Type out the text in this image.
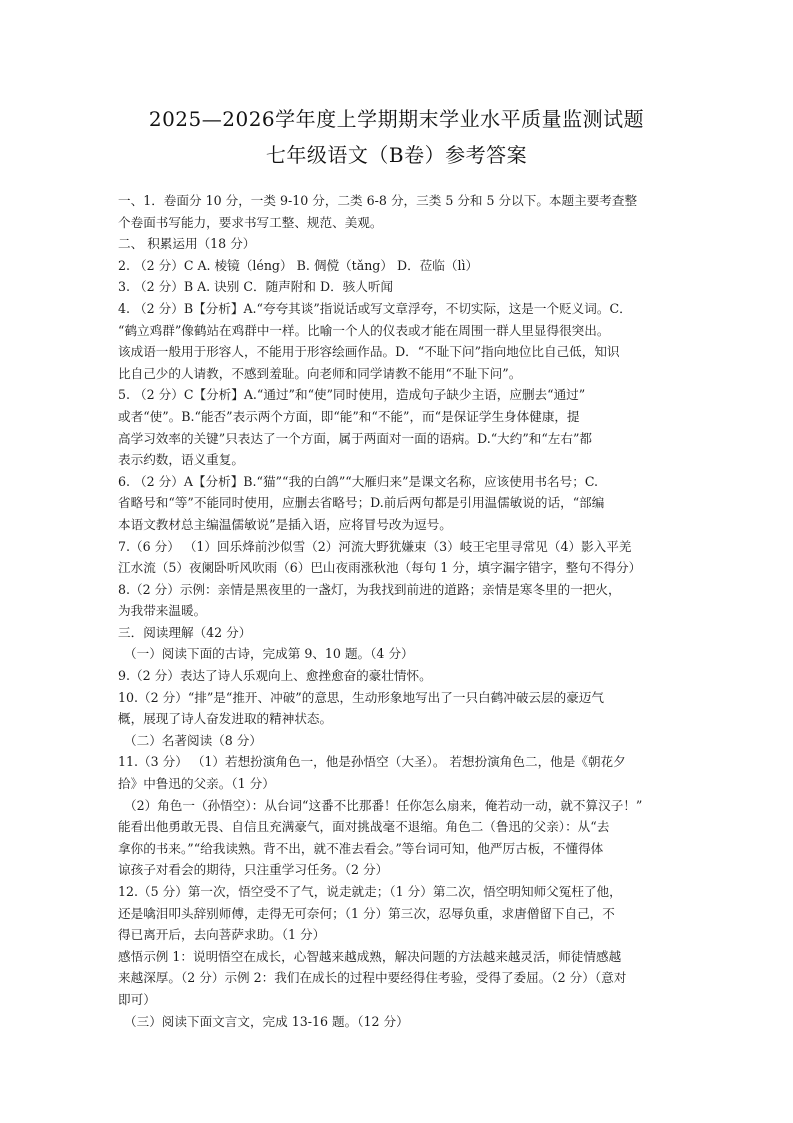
2025—2026学年度上学期期末学业水平质量监测试题
七年级语文（B卷）参考答案
一、1．卷面分 10 分，一类 9-10 分，二类 6-8 分，三类 5 分和 5 分以下。本题主要考查整
个卷面书写能力，要求书写工整、规范、美观。
二、 积累运用（18 分）
2. （2 分）C A. 棱镜（léng） B. 倜傥（tǎng） D．莅临（lì）
3. （2 分）B A. 诀别 C．随声附和 D．骇人听闻
4. （2 分）B【分析】A.“夸夸其谈”指说话或写文章浮夸，不切实际，这是一个贬义词。C．
“鹤立鸡群”像鹤站在鸡群中一样。比喻一个人的仪表或才能在周围一群人里显得很突出。
该成语一般用于形容人，不能用于形容绘画作品。D．“不耻下问”指向地位比自己低，知识
比自己少的人请教，不感到羞耻。向老师和同学请教不能用“不耻下问”。
5. （2 分）C【分析】A.“通过”和“使”同时使用，造成句子缺少主语，应删去“通过”
或者“使”。B.“能否”表示两个方面，即“能”和“不能”，而“是保证学生身体健康，提
高学习效率的关键”只表达了一个方面，属于两面对一面的语病。D.“大约”和“左右”都
表示约数，语义重复。
6. （2 分）A【分析】B.“猫”“我的白鸽”“大雁归来”是课文名称，应该使用书名号；C.
省略号和“等”不能同时使用，应删去省略号；D.前后两句都是引用温儒敏说的话，“部编
本语文教材总主编温儒敏说”是插入语，应将冒号改为逗号。
7.（6 分） （1）回乐烽前沙似雪（2）河流大野犹嫌束（3）岐王宅里寻常见（4）影入平羌
江水流（5）夜阑卧听风吹雨（6）巴山夜雨涨秋池（每句 1 分，填字漏字错字，整句不得分）
8.（2 分）示例：亲情是黑夜里的一盏灯，为我找到前进的道路；亲情是寒冬里的一把火，
为我带来温暖。
三．阅读理解（42 分）
（一）阅读下面的古诗，完成第 9、10 题。（4 分）
9.（2 分）表达了诗人乐观向上、愈挫愈奋的豪壮情怀。
10.（2 分）“排”是“推开、冲破”的意思，生动形象地写出了一只白鹤冲破云层的豪迈气
概，展现了诗人奋发进取的精神状态。
（二）名著阅读（8 分）
11.（3 分） （1）若想扮演角色一，他是孙悟空（大圣）。 若想扮演角色二，他是《朝花夕
拾》中鲁迅的父亲。（1 分）
（2）角色一（孙悟空）：从台词“这番不比那番！任你怎么扇来，俺若动一动，就不算汉子！”
能看出他勇敢无畏、自信且充满豪气，面对挑战毫不退缩。角色二（鲁迅的父亲）：从“去
拿你的书来。”“给我读熟。背不出，就不准去看会。”等台词可知，他严厉古板，不懂得体
谅孩子对看会的期待，只注重学习任务。（2 分）
12.（5 分）第一次，悟空受不了气，说走就走；（1 分）第二次，悟空明知师父冤枉了他，
还是噙泪叩头辞别师傅，走得无可奈何；（1 分）第三次，忍辱负重，求唐僧留下自己，不
得已离开后，去向菩萨求助。（1 分）
感悟示例 1：说明悟空在成长，心智越来越成熟，解决问题的方法越来越灵活，师徒情感越
来越深厚。（2 分）示例 2：我们在成长的过程中要经得住考验，受得了委屈。（2 分）（意对
即可）
（三）阅读下面文言文，完成 13-16 题。（12 分）
